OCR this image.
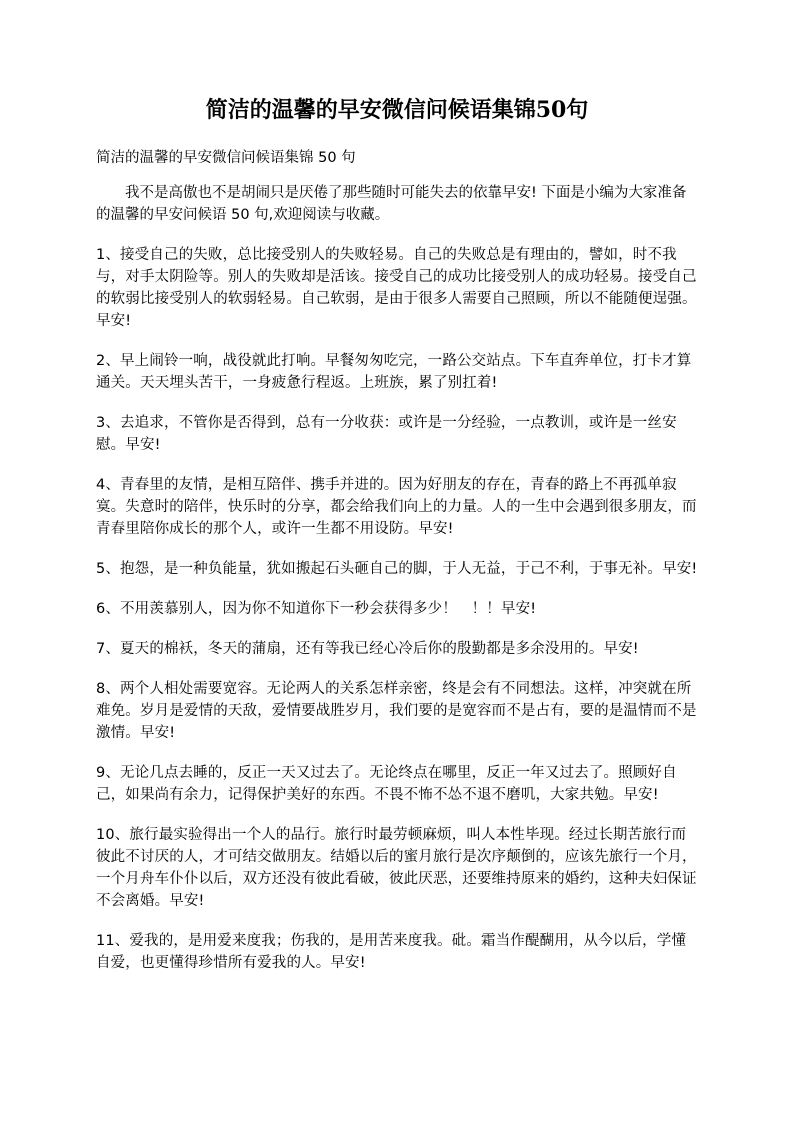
简洁的温馨的早安微信问候语集锦50句

简洁的温馨的早安微信问候语集锦 50 句

我不是高傲也不是胡闹只是厌倦了那些随时可能失去的依靠早安! 下面是小编为大家准备的温馨的早安问候语 50 句,欢迎阅读与收藏。

1、接受自己的失败，总比接受别人的失败轻易。自己的失败总是有理由的，譬如，时不我与，对手太阴险等。别人的失败却是活该。接受自己的成功比接受别人的成功轻易。接受自己的软弱比接受别人的软弱轻易。自己软弱，是由于很多人需要自己照顾，所以不能随便逞强。早安!

2、早上闹铃一响，战役就此打响。早餐匆匆吃完，一路公交站点。下车直奔单位，打卡才算通关。天天埋头苦干，一身疲惫行程返。上班族，累了别扛着!

3、去追求，不管你是否得到，总有一分收获：或许是一分经验，一点教训，或许是一丝安慰。早安!

4、青春里的友情，是相互陪伴、携手并进的。因为好朋友的存在，青春的路上不再孤单寂寞。失意时的陪伴，快乐时的分享，都会给我们向上的力量。人的一生中会遇到很多朋友，而青春里陪你成长的那个人，或许一生都不用设防。早安!

5、抱怨，是一种负能量，犹如搬起石头砸自己的脚，于人无益，于己不利，于事无补。早安!

6、不用羡慕别人，因为你不知道你下一秒会获得多少！　！！早安!

7、夏天的棉袄，冬天的蒲扇，还有等我已经心冷后你的殷勤都是多余没用的。早安!

8、两个人相处需要宽容。无论两人的关系怎样亲密，终是会有不同想法。这样，冲突就在所难免。岁月是爱情的天敌，爱情要战胜岁月，我们要的是宽容而不是占有，要的是温情而不是激情。早安!

9、无论几点去睡的，反正一天又过去了。无论终点在哪里，反正一年又过去了。照顾好自己，如果尚有余力，记得保护美好的东西。不畏不怖不怂不退不磨叽，大家共勉。早安!

10、旅行最实验得出一个人的品行。旅行时最劳顿麻烦，叫人本性毕现。经过长期苦旅行而彼此不讨厌的人，才可结交做朋友。结婚以后的蜜月旅行是次序颠倒的，应该先旅行一个月，一个月舟车仆仆以后，双方还没有彼此看破，彼此厌恶，还要维持原来的婚约，这种夫妇保证不会离婚。早安!

11、爱我的，是用爱来度我；伤我的，是用苦来度我。砒。霜当作醍醐用，从今以后，学懂自爱，也更懂得珍惜所有爱我的人。早安!
